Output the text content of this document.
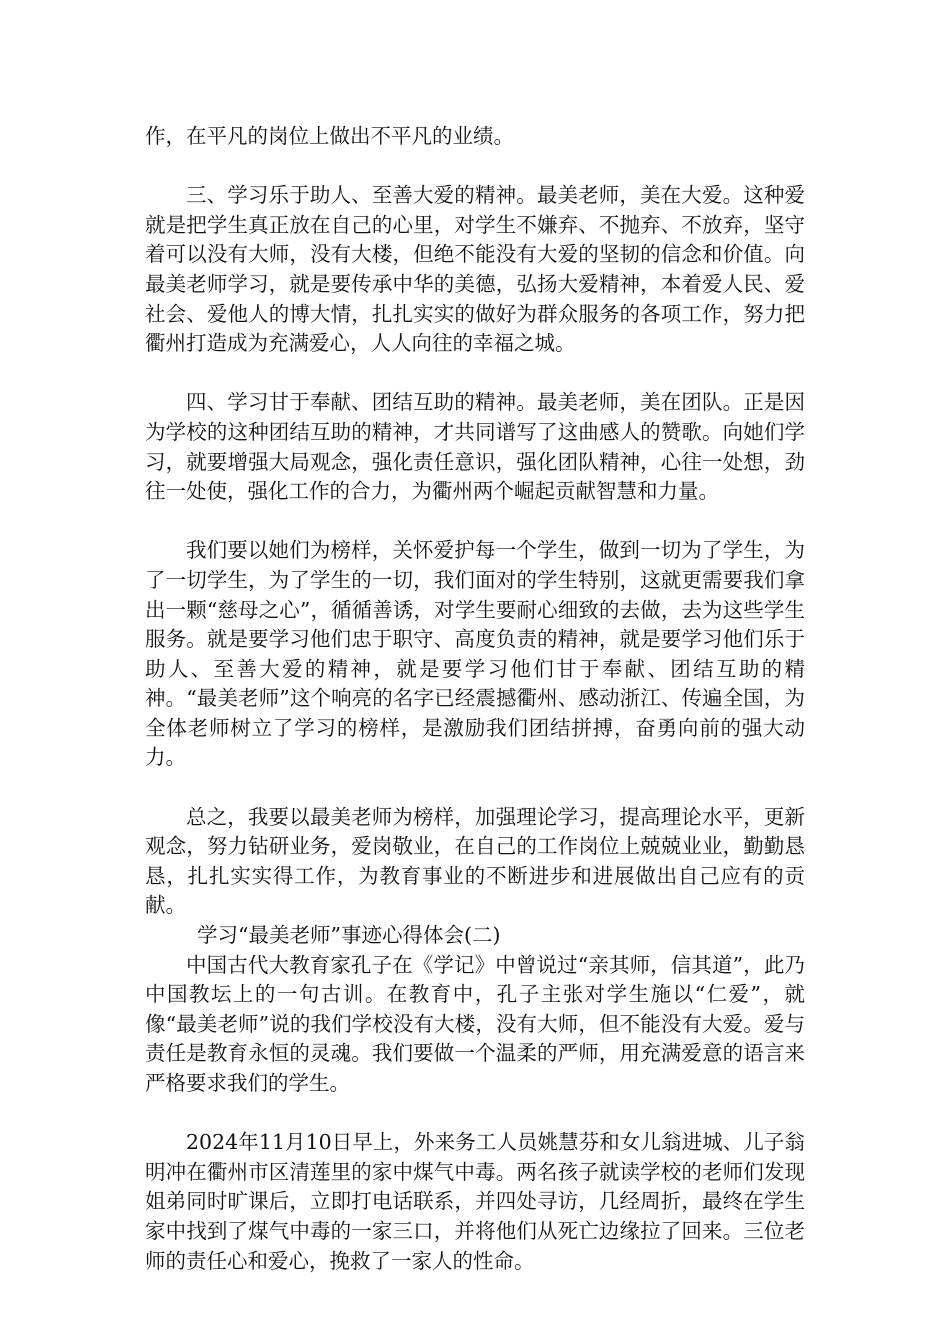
作，在平凡的岗位上做出不平凡的业绩。

三、学习乐于助人、至善大爱的精神。最美老师，美在大爱。这种爱就是把学生真正放在自己的心里，对学生不嫌弃、不抛弃、不放弃，坚守着可以没有大师，没有大楼，但绝不能没有大爱的坚韧的信念和价值。向最美老师学习，就是要传承中华的美德，弘扬大爱精神，本着爱人民、爱社会、爱他人的博大情，扎扎实实的做好为群众服务的各项工作，努力把衢州打造成为充满爱心，人人向往的幸福之城。

四、学习甘于奉献、团结互助的精神。最美老师，美在团队。正是因为学校的这种团结互助的精神，才共同谱写了这曲感人的赞歌。向她们学习，就要增强大局观念，强化责任意识，强化团队精神，心往一处想，劲往一处使，强化工作的合力，为衢州两个崛起贡献智慧和力量。

我们要以她们为榜样，关怀爱护每一个学生，做到一切为了学生，为了一切学生，为了学生的一切，我们面对的学生特别，这就更需要我们拿出一颗“慈母之心”，循循善诱，对学生要耐心细致的去做，去为这些学生服务。就是要学习他们忠于职守、高度负责的精神，就是要学习他们乐于助人、至善大爱的精神，就是要学习他们甘于奉献、团结互助的精神。“最美老师”这个响亮的名字已经震撼衢州、感动浙江、传遍全国，为全体老师树立了学习的榜样，是激励我们团结拼搏，奋勇向前的强大动力。

总之，我要以最美老师为榜样，加强理论学习，提高理论水平，更新观念，努力钻研业务，爱岗敬业，在自己的工作岗位上兢兢业业，勤勤恳恳，扎扎实实得工作，为教育事业的不断进步和进展做出自己应有的贡献。

学习“最美老师”事迹心得体会(二)

中国古代大教育家孔子在《学记》中曾说过“亲其师，信其道”，此乃中国教坛上的一句古训。在教育中，孔子主张对学生施以“仁爱”，就像“最美老师”说的我们学校没有大楼，没有大师，但不能没有大爱。爱与责任是教育永恒的灵魂。我们要做一个温柔的严师，用充满爱意的语言来严格要求我们的学生。

2024年11月10日早上，外来务工人员姚慧芬和女儿翁进城、儿子翁明冲在衢州市区清莲里的家中煤气中毒。两名孩子就读学校的老师们发现姐弟同时旷课后，立即打电话联系，并四处寻访，几经周折，最终在学生家中找到了煤气中毒的一家三口，并将他们从死亡边缘拉了回来。三位老师的责任心和爱心，挽救了一家人的性命。
